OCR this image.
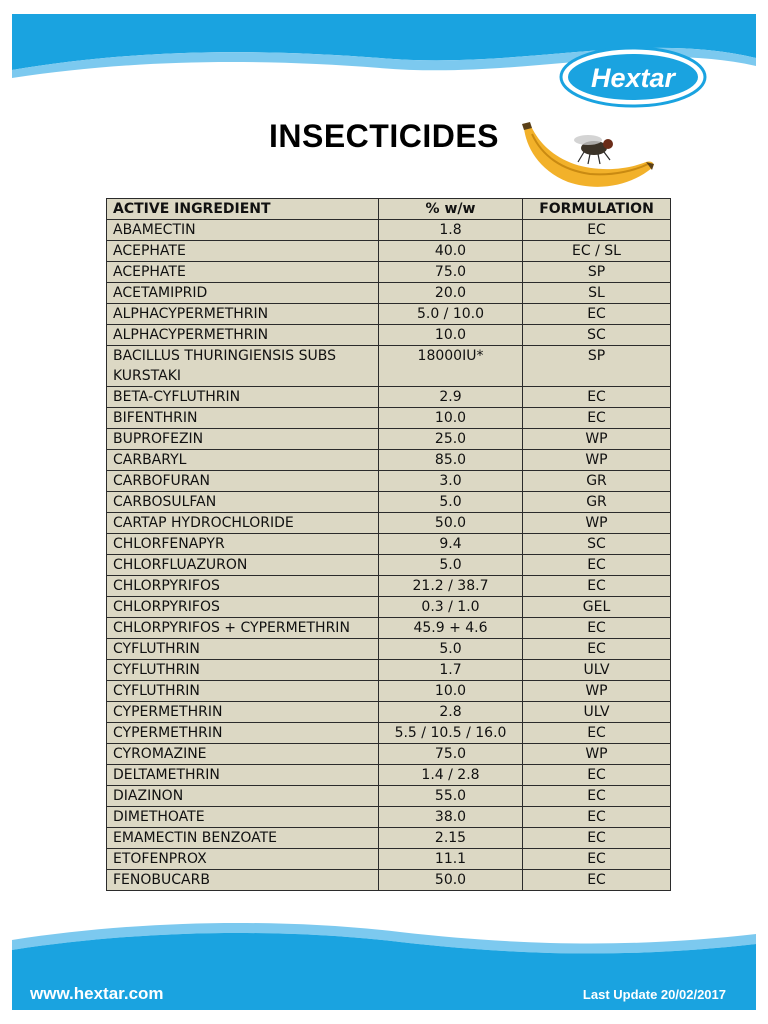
Hextar
INSECTICIDES
ACTIVE INGREDIENT	% w/w	FORMULATION
ABAMECTIN	1.8	EC
ACEPHATE	40.0	EC / SL
ACEPHATE	75.0	SP
ACETAMIPRID	20.0	SL
ALPHACYPERMETHRIN	5.0 / 10.0	EC
ALPHACYPERMETHRIN	10.0	SC
BACILLUS THURINGIENSIS SUBS KURSTAKI	18000IU*	SP
BETA-CYFLUTHRIN	2.9	EC
BIFENTHRIN	10.0	EC
BUPROFEZIN	25.0	WP
CARBARYL	85.0	WP
CARBOFURAN	3.0	GR
CARBOSULFAN	5.0	GR
CARTAP HYDROCHLORIDE	50.0	WP
CHLORFENAPYR	9.4	SC
CHLORFLUAZURON	5.0	EC
CHLORPYRIFOS	21.2 / 38.7	EC
CHLORPYRIFOS	0.3 / 1.0	GEL
CHLORPYRIFOS + CYPERMETHRIN	45.9 + 4.6	EC
CYFLUTHRIN	5.0	EC
CYFLUTHRIN	1.7	ULV
CYFLUTHRIN	10.0	WP
CYPERMETHRIN	2.8	ULV
CYPERMETHRIN	5.5 / 10.5 / 16.0	EC
CYROMAZINE	75.0	WP
DELTAMETHRIN	1.4 / 2.8	EC
DIAZINON	55.0	EC
DIMETHOATE	38.0	EC
EMAMECTIN BENZOATE	2.15	EC
ETOFENPROX	11.1	EC
FENOBUCARB	50.0	EC
www.hextar.com	Last Update 20/02/2017
